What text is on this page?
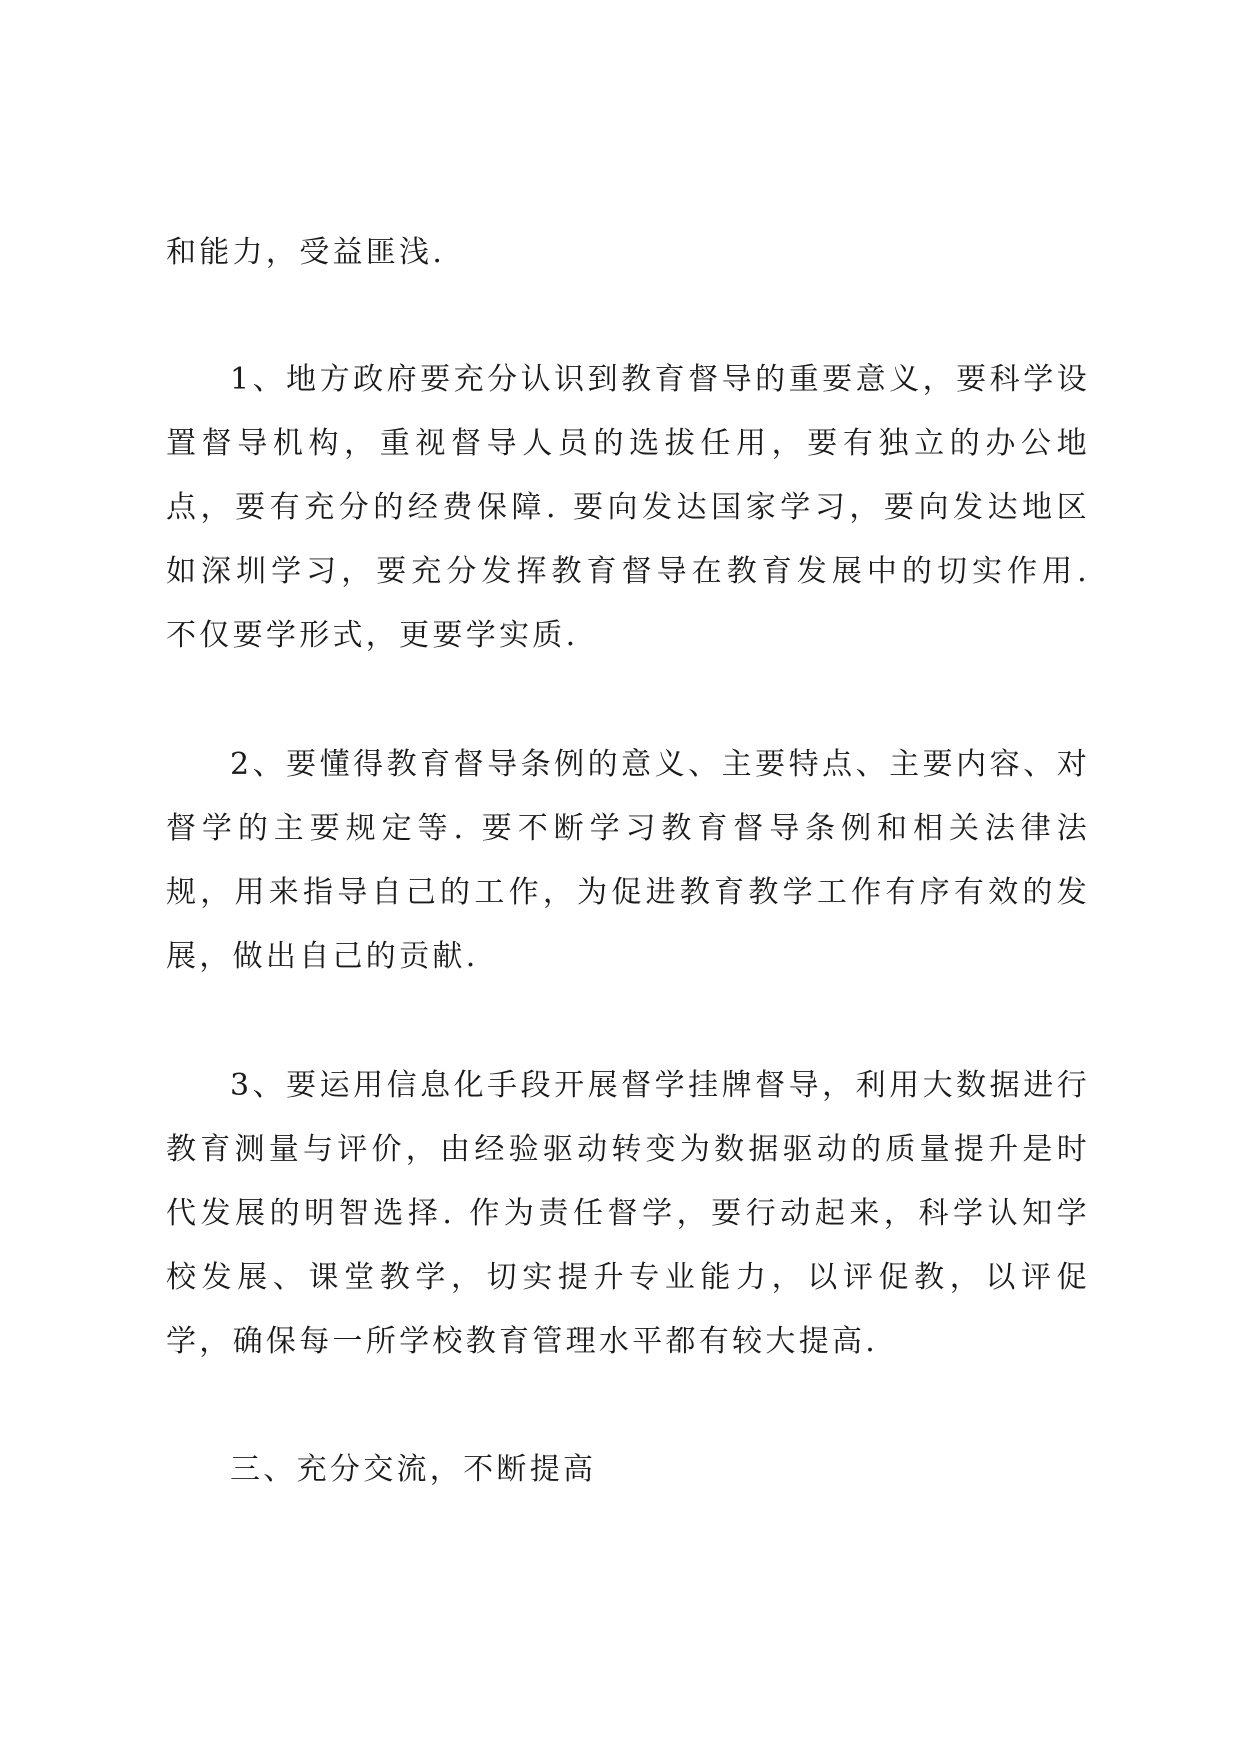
和能力，受益匪浅.

1、地方政府要充分认识到教育督导的重要意义，要科学设置督导机构，重视督导人员的选拔任用，要有独立的办公地点，要有充分的经费保障. 要向发达国家学习，要向发达地区如深圳学习，要充分发挥教育督导在教育发展中的切实作用. 不仅要学形式，更要学实质.

2、要懂得教育督导条例的意义、主要特点、主要内容、对督学的主要规定等. 要不断学习教育督导条例和相关法律法规，用来指导自己的工作，为促进教育教学工作有序有效的发展，做出自己的贡献.

3、要运用信息化手段开展督学挂牌督导，利用大数据进行教育测量与评价，由经验驱动转变为数据驱动的质量提升是时代发展的明智选择. 作为责任督学，要行动起来，科学认知学校发展、课堂教学，切实提升专业能力，以评促教，以评促学，确保每一所学校教育管理水平都有较大提高.

三、充分交流，不断提高
